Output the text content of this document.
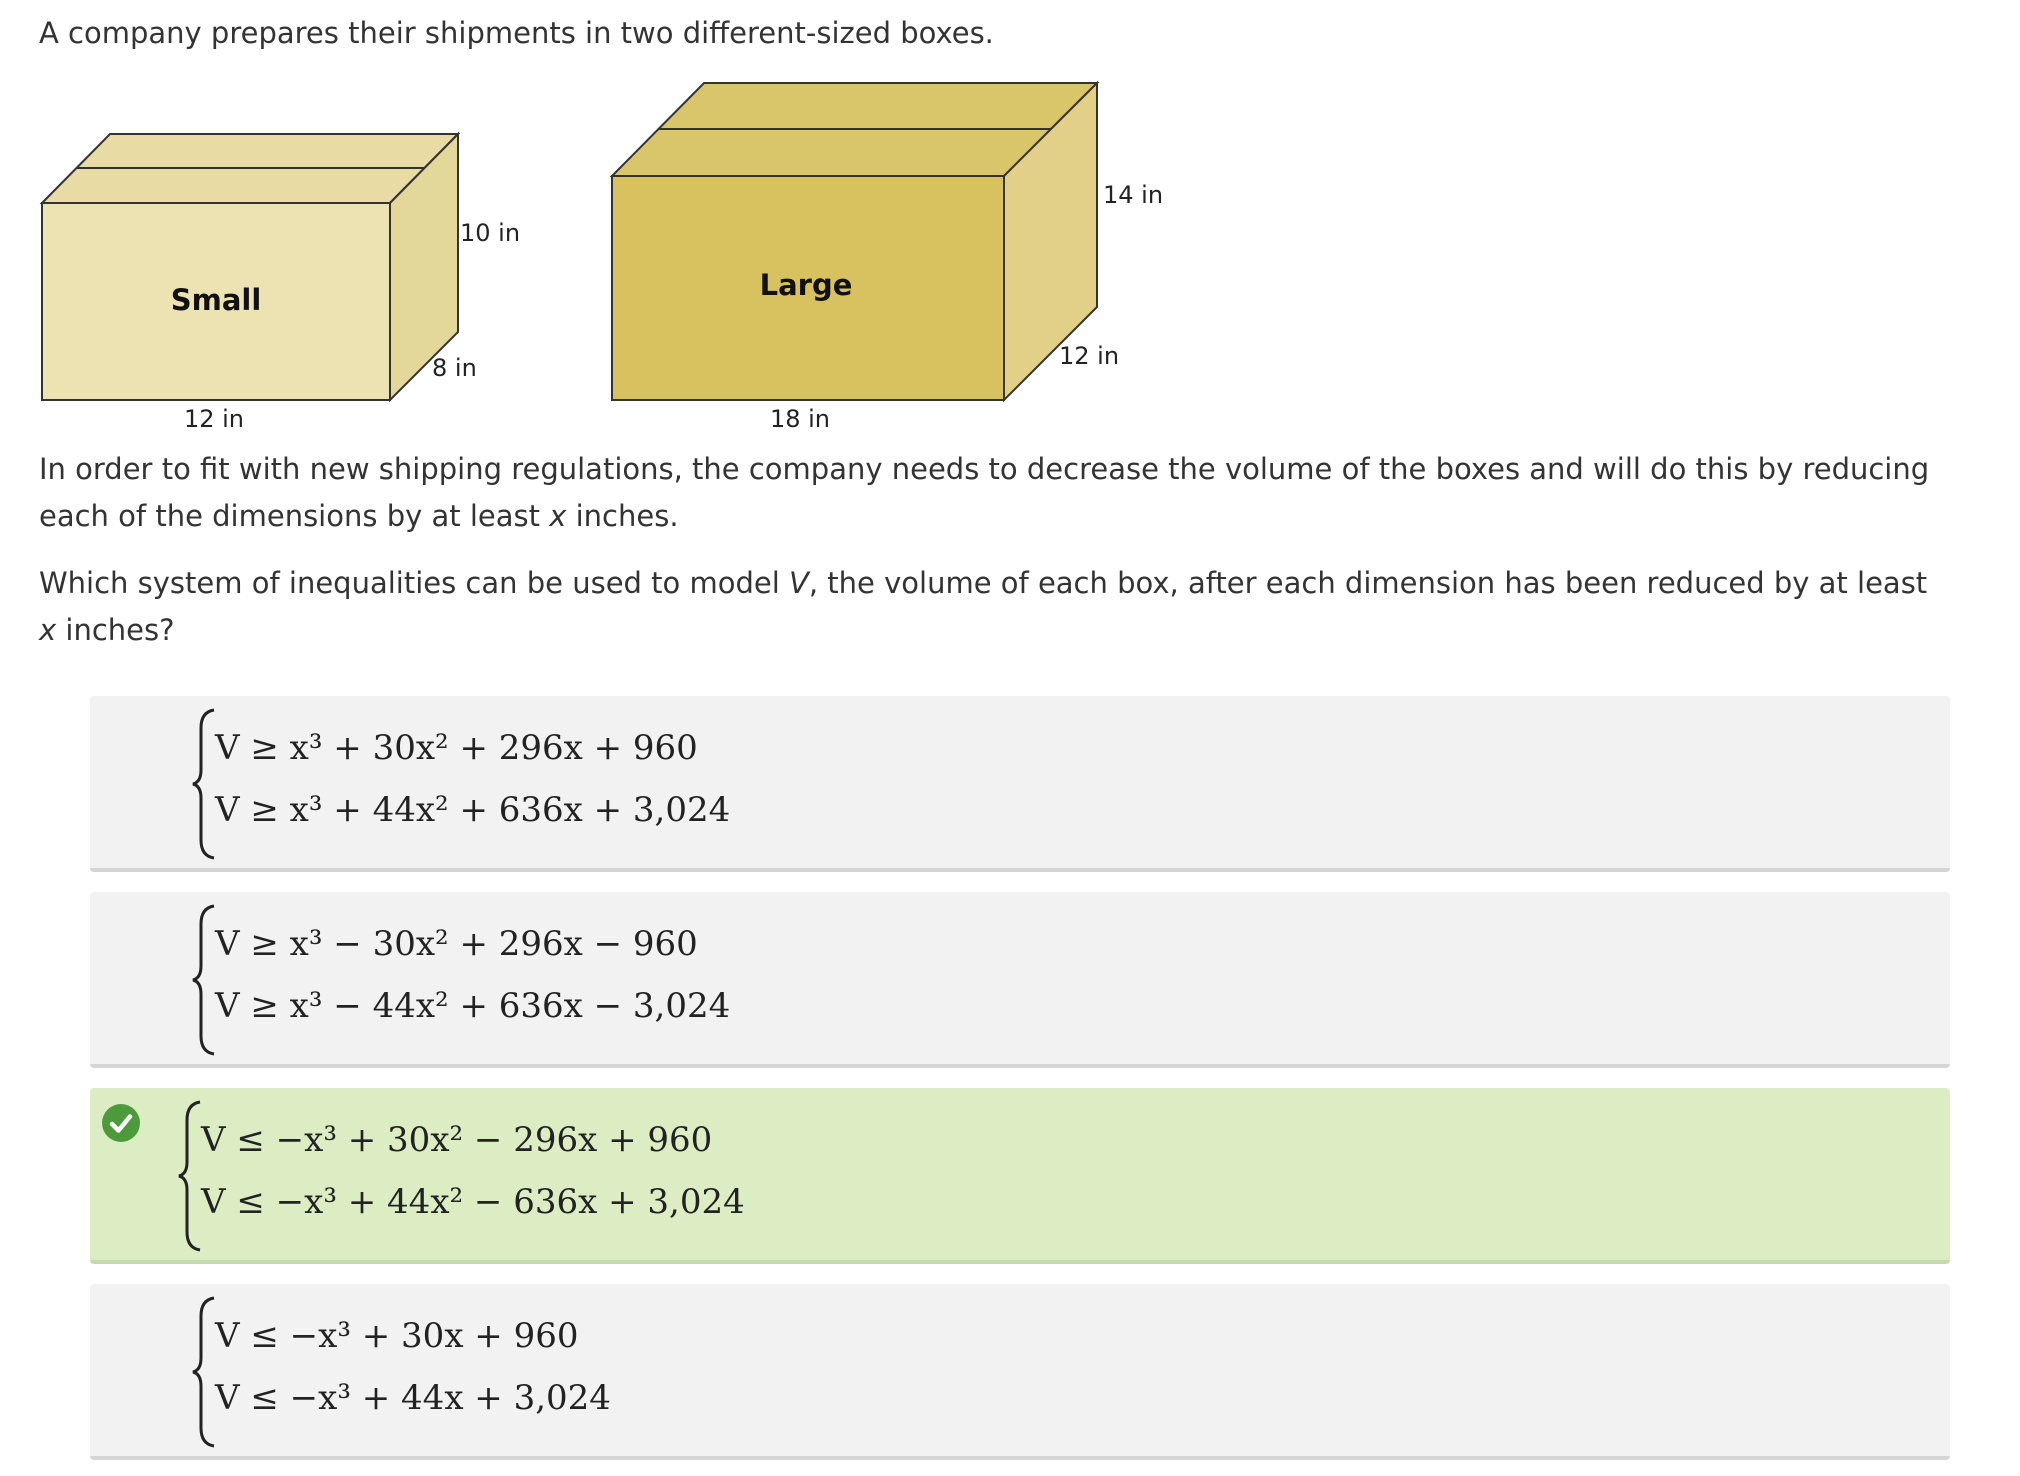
A company prepares their shipments in two different-sized boxes.

Small
10 in
8 in
12 in
Large
14 in
12 in
18 in

In order to fit with new shipping regulations, the company needs to decrease the volume of the boxes and will do this by reducing each of the dimensions by at least x inches.

Which system of inequalities can be used to model V, the volume of each box, after each dimension has been reduced by at least x inches?

V ≥ x³ + 30x² + 296x + 960
V ≥ x³ + 44x² + 636x + 3,024
V ≥ x³ − 30x² + 296x − 960
V ≥ x³ − 44x² + 636x − 3,024
V ≤ −x³ + 30x² − 296x + 960
V ≤ −x³ + 44x² − 636x + 3,024
V ≤ −x³ + 30x + 960
V ≤ −x³ + 44x + 3,024
